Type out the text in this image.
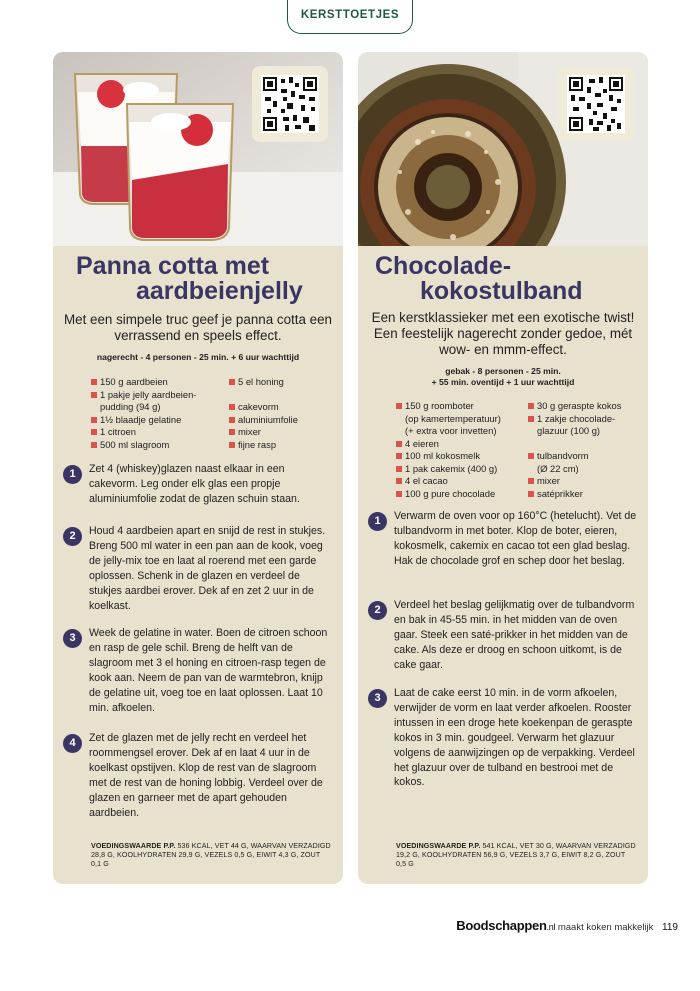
KERSTTOETJES
Panna cotta met
aardbeienjelly
Met een simpele truc geef je panna cotta een verrassend en speels effect.
nagerecht - 4 personen - 25 min. + 6 uur wachttijd
150 g aardbeien
1 pakje jelly aardbeien-
pudding (94 g)
1½ blaadje gelatine
1 citroen
500 ml slagroom
5 el honing

cakevorm
aluminiumfolie
mixer
fijne rasp
1	Zet 4 (whiskey)glazen naast elkaar in een cakevorm. Leg onder elk glas een propje aluminiumfolie zodat de glazen schuin staan.
2	Houd 4 aardbeien apart en snijd de rest in stukjes. Breng 500 ml water in een pan aan de kook, voeg de jelly-mix toe en laat al roerend met een garde oplossen. Schenk in de glazen en verdeel de stukjes aardbei erover. Dek af en zet 2 uur in de koelkast.
3	Week de gelatine in water. Boen de citroen schoon en rasp de gele schil. Breng de helft van de slagroom met 3 el honing en citroen-rasp tegen de kook aan. Neem de pan van de warmtebron, knijp de gelatine uit, voeg toe en laat oplossen. Laat 10 min. afkoelen.
4	Zet de glazen met de jelly recht en verdeel het roommengsel erover. Dek af en laat 4 uur in de koelkast opstijven. Klop de rest van de slagroom met de rest van de honing lobbig. Verdeel over de glazen en garneer met de apart gehouden aardbeien.
VOEDINGSWAARDE P.P. 536 KCAL, VET 44 G, WAARVAN VERZADIGD 28,8 G, KOOLHYDRATEN 29,9 G, VEZELS 0,5 G, EIWIT 4,3 G, ZOUT 0,1 G
Chocolade-
kokostulband
Een kerstklassieker met een exotische twist! Een feestelijk nagerecht zonder gedoe, mét wow- en mmm-effect.
gebak - 8 personen - 25 min.
+ 55 min. oventijd + 1 uur wachttijd
150 g roomboter
(op kamertemperatuur)
(+ extra voor invetten)
4 eieren
100 ml kokosmelk
1 pak cakemix (400 g)
4 el cacao
100 g pure chocolade
30 g geraspte kokos
1 zakje chocolade-
glazuur (100 g)

tulbandvorm
(Ø 22 cm)
mixer
satéprikker
1	Verwarm de oven voor op 160°C (hetelucht). Vet de tulbandvorm in met boter. Klop de boter, eieren, kokosmelk, cakemix en cacao tot een glad beslag. Hak de chocolade grof en schep door het beslag.
2	Verdeel het beslag gelijkmatig over de tulbandvorm en bak in 45-55 min. in het midden van de oven gaar. Steek een saté-prikker in het midden van de cake. Als deze er droog en schoon uitkomt, is de cake gaar.
3	Laat de cake eerst 10 min. in de vorm afkoelen, verwijder de vorm en laat verder afkoelen. Rooster intussen in een droge hete koekenpan de geraspte kokos in 3 min. goudgeel. Verwarm het glazuur volgens de aanwijzingen op de verpakking. Verdeel het glazuur over de tulband en bestrooi met de kokos.
VOEDINGSWAARDE P.P. 541 KCAL, VET 30 G, WAARVAN VERZADIGD 19,2 G, KOOLHYDRATEN 56,9 G, VEZELS 3,7 G, EIWIT 8,2 G, ZOUT 0,5 G
Boodschappen.nl maakt koken makkelijk 119
